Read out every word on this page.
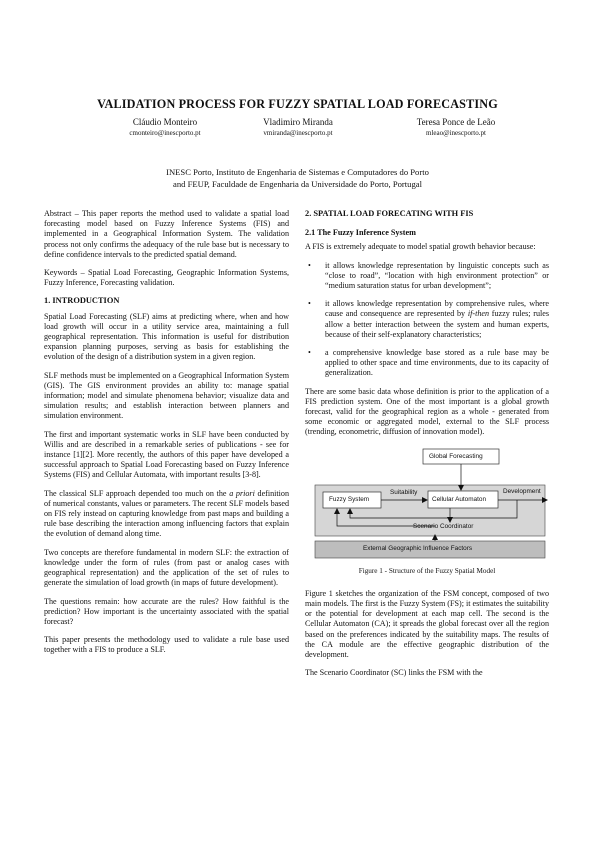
VALIDATION PROCESS FOR FUZZY SPATIAL LOAD FORECASTING
Cláudio Monteiro
cmonteiro@inescporto.pt
Vladimiro Miranda
vmiranda@inescporto.pt
Teresa Ponce de Leão
mleao@inescporto.pt
INESC Porto, Instituto de Engenharia de Sistemas e Computadores do Porto
and FEUP, Faculdade de Engenharia da Universidade do Porto, Portugal

Abstract – This paper reports the method used to validate a spatial load forecasting model based on Fuzzy Inference Systems (FIS) and implemented in a Geographical Information System. The validation process not only confirms the adequacy of the rule base but is necessary to define confidence intervals to the predicted spatial demand.

Keywords – Spatial Load Forecasting, Geographic Information Systems, Fuzzy Inference, Forecasting validation.

1. INTRODUCTION

Spatial Load Forecasting (SLF) aims at predicting where, when and how load growth will occur in a utility service area, maintaining a full geographical representation. This information is useful for distribution expansion planning purposes, serving as basis for establishing the evolution of the design of a distribution system in a given region.

SLF methods must be implemented on a Geographical Information System (GIS). The GIS environment provides an ability to: manage spatial information; model and simulate phenomena behavior; visualize data and simulation results; and establish interaction between planners and simulation environment.

The first and important systematic works in SLF have been conducted by Willis and are described in a remarkable series of publications - see for instance [1][2]. More recently, the authors of this paper have developed a successful approach to Spatial Load Forecasting based on Fuzzy Inference Systems (FIS) and Cellular Automata, with important results [3-8].

The classical SLF approach depended too much on the a priori definition of numerical constants, values or parameters. The recent SLF models based on FIS rely instead on capturing knowledge from past maps and building a rule base describing the interaction among influencing factors that explain the evolution of demand along time.

Two concepts are therefore fundamental in modern SLF: the extraction of knowledge under the form of rules (from past or analog cases with geographical representation) and the application of the set of rules to generate the simulation of load growth (in maps of future development).

The questions remain: how accurate are the rules? How faithful is the prediction? How important is the uncertainty associated with the spatial forecast?

This paper presents the methodology used to validate a rule base used together with a FIS to produce a SLF.

2. SPATIAL LOAD FORECATING WITH FIS
2.1 The Fuzzy Inference System

A FIS is extremely adequate to model spatial growth behavior because:

• it allows knowledge representation by linguistic concepts such as “close to road”, “location with high environment protection” or “medium saturation status for urban development”;
• it allows knowledge representation by comprehensive rules, where cause and consequence are represented by if-then fuzzy rules; rules allow a better interaction between the system and human experts, because of their self-explanatory characteristics;
• a comprehensive knowledge base stored as a rule base may be applied to other space and time environments, due to its capacity of generalization.

There are some basic data whose definition is prior to the application of a FIS prediction system. One of the most important is a global growth forecast, valid for the geographical region as a whole - generated from some economic or aggregated model, external to the SLF process (trending, econometric, diffusion of innovation model).

Global Forecasting
Fuzzy System
Suitability
Cellular Automaton
Development
Scenario Coordinator
External Geographic Influence Factors
Figure 1 - Structure of the Fuzzy Spatial Model

Figure 1 sketches the organization of the FSM concept, composed of two main models. The first is the Fuzzy System (FS); it estimates the suitability or the potential for development at each map cell. The second is the Cellular Automaton (CA); it spreads the global forecast over all the region based on the preferences indicated by the suitability maps. The results of the CA module are the effective geographic distribution of the development.

The Scenario Coordinator (SC) links the FSM with the
